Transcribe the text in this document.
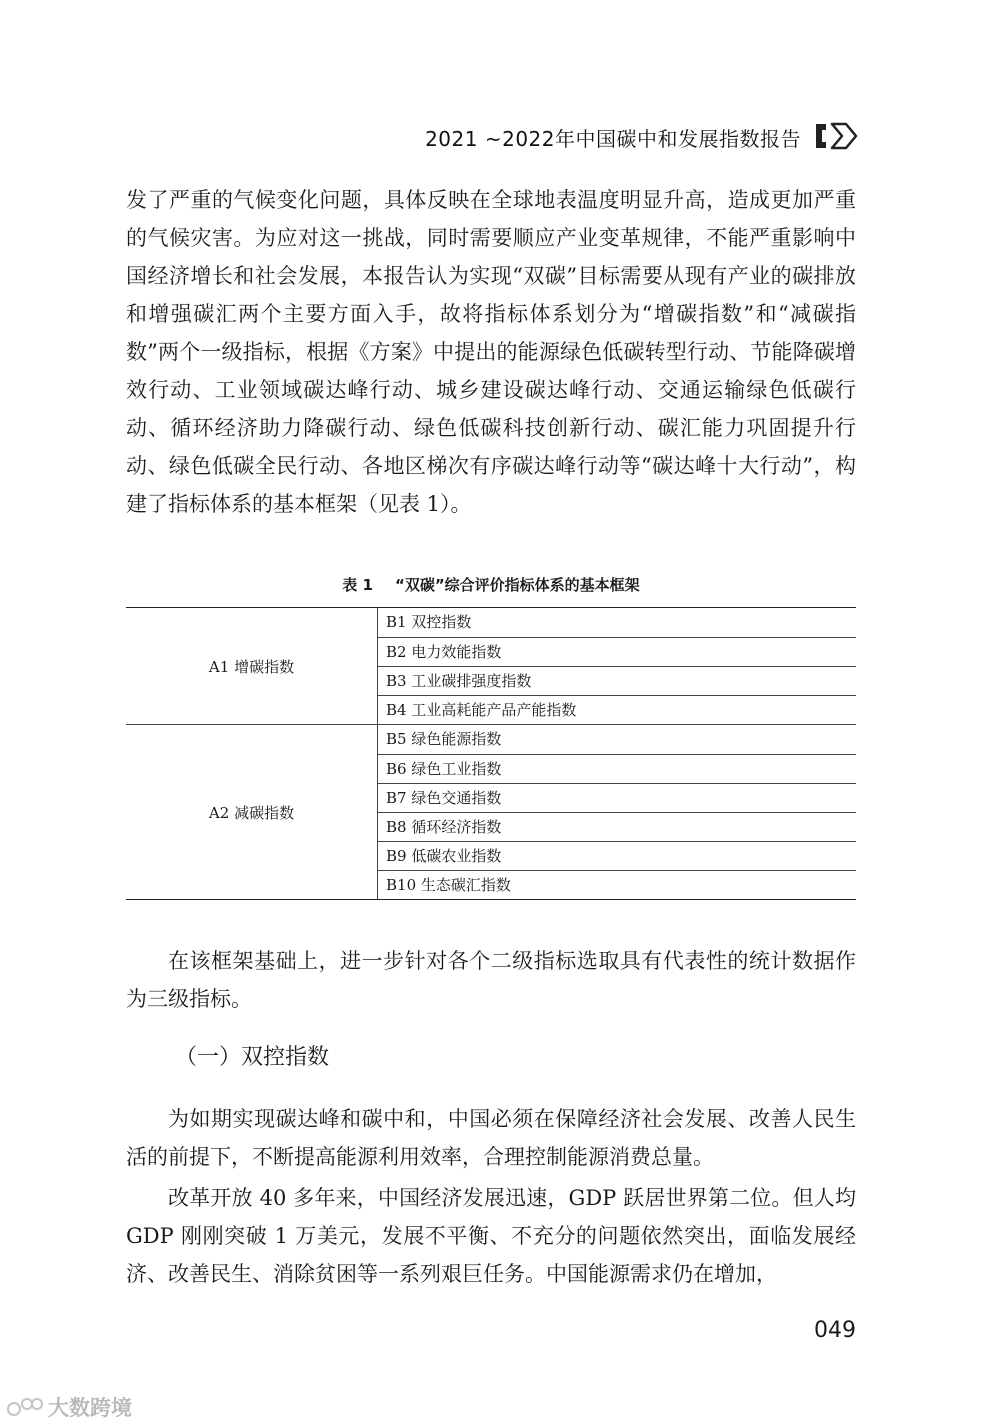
2021 ~2022年中国碳中和发展指数报告

发了严重的气候变化问题，具体反映在全球地表温度明显升高，造成更加严重的气候灾害。为应对这一挑战，同时需要顺应产业变革规律，不能严重影响中国经济增长和社会发展，本报告认为实现“双碳”目标需要从现有产业的碳排放和增强碳汇两个主要方面入手，故将指标体系划分为“增碳指数”和“减碳指数”两个一级指标，根据《方案》中提出的能源绿色低碳转型行动、节能降碳增效行动、工业领域碳达峰行动、城乡建设碳达峰行动、交通运输绿色低碳行动、循环经济助力降碳行动、绿色低碳科技创新行动、碳汇能力巩固提升行动、绿色低碳全民行动、各地区梯次有序碳达峰行动等“碳达峰十大行动”，构建了指标体系的基本框架（见表 1）。

表 1 “双碳”综合评价指标体系的基本框架
A1 增碳指数
B1 双控指数
B2 电力效能指数
B3 工业碳排强度指数
B4 工业高耗能产品产能指数
A2 减碳指数
B5 绿色能源指数
B6 绿色工业指数
B7 绿色交通指数
B8 循环经济指数
B9 低碳农业指数
B10 生态碳汇指数

在该框架基础上，进一步针对各个二级指标选取具有代表性的统计数据作为三级指标。

（一）双控指数

为如期实现碳达峰和碳中和，中国必须在保障经济社会发展、改善人民生活的前提下，不断提高能源利用效率，合理控制能源消费总量。

改革开放 40 多年来，中国经济发展迅速，GDP 跃居世界第二位。但人均 GDP 刚刚突破 1 万美元，发展不平衡、不充分的问题依然突出，面临发展经济、改善民生、消除贫困等一系列艰巨任务。中国能源需求仍在增加，

049
大数跨境
